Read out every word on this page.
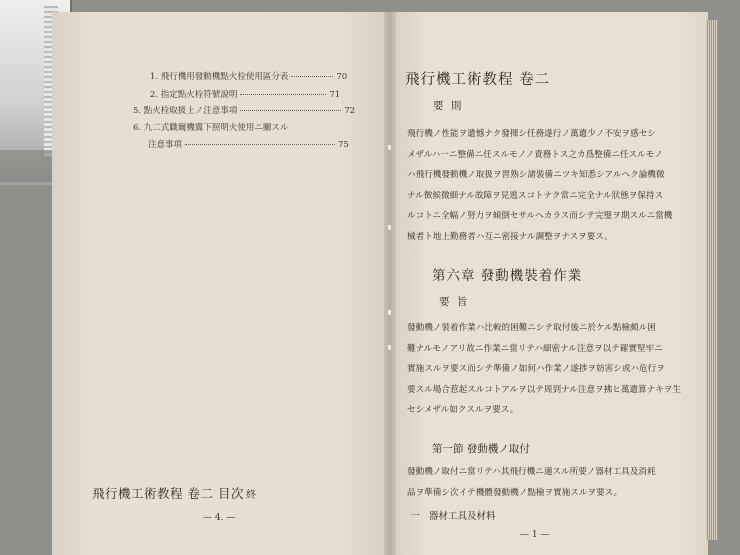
1. 飛行機用發動機點火栓使用區分表	70
2. 指定點火栓符號說明	71
5. 點火栓取扱上ノ注意事項	72
6. 九二式職爾機翼下照明火使用ニ關スル
注意事項	75
飛行機工術教程 卷二 目次 終
— 4. —
飛行機工術教程 卷二
要 則
飛行機ノ性能ヲ遺憾ナク發揮シ任務遂行ノ萬遺少ノ不安ヲ感セシ
メザルハ一ニ整備ニ任スルモノノ責務トス之カ爲整備ニ任スルモノ
ハ飛行機發動機ノ取扱ヲ習熟シ諸裝備ニツキ知悉シアルヘク論機微
ナル徴候微細ナル故障ヲ見逃スコトナク常ニ完全ナル狀態ヲ保持ス
ルコトニ全幅ノ努力ヲ傾倒セサルヘカラス而シテ完璧ヲ期スルニ當機
械者ト地上勤務者ハ互ニ密接ナル調整ヲナスヲ要ス。
第六章 發動機裝着作業
要 旨
發動機ノ裝着作業ハ比較的困難ニシテ取付後ニ於ケル點檢頗ル困
難ナルモノアリ故ニ作業ニ當リテハ細密ナル注意ヲ以テ確實堅牢ニ
實施スルヲ要ス而シテ準備ノ如何ハ作業ノ遂捗ヲ妨害シ或ハ危行ヲ
要スル場合惹起スルコトアルヲ以テ周到ナル注意ヲ拂ヒ萬遺算ナキヲ生
セシメザル如クスルヲ要ス。
第一節 發動機ノ取付
發動機ノ取付ニ當リテハ其飛行機ニ適スル所要ノ器材工具及消耗
品ヲ準備シ次イテ機體發動機ノ點檢ヲ實施スルヲ要ス。
一　器材工具及材料
— 1 —
